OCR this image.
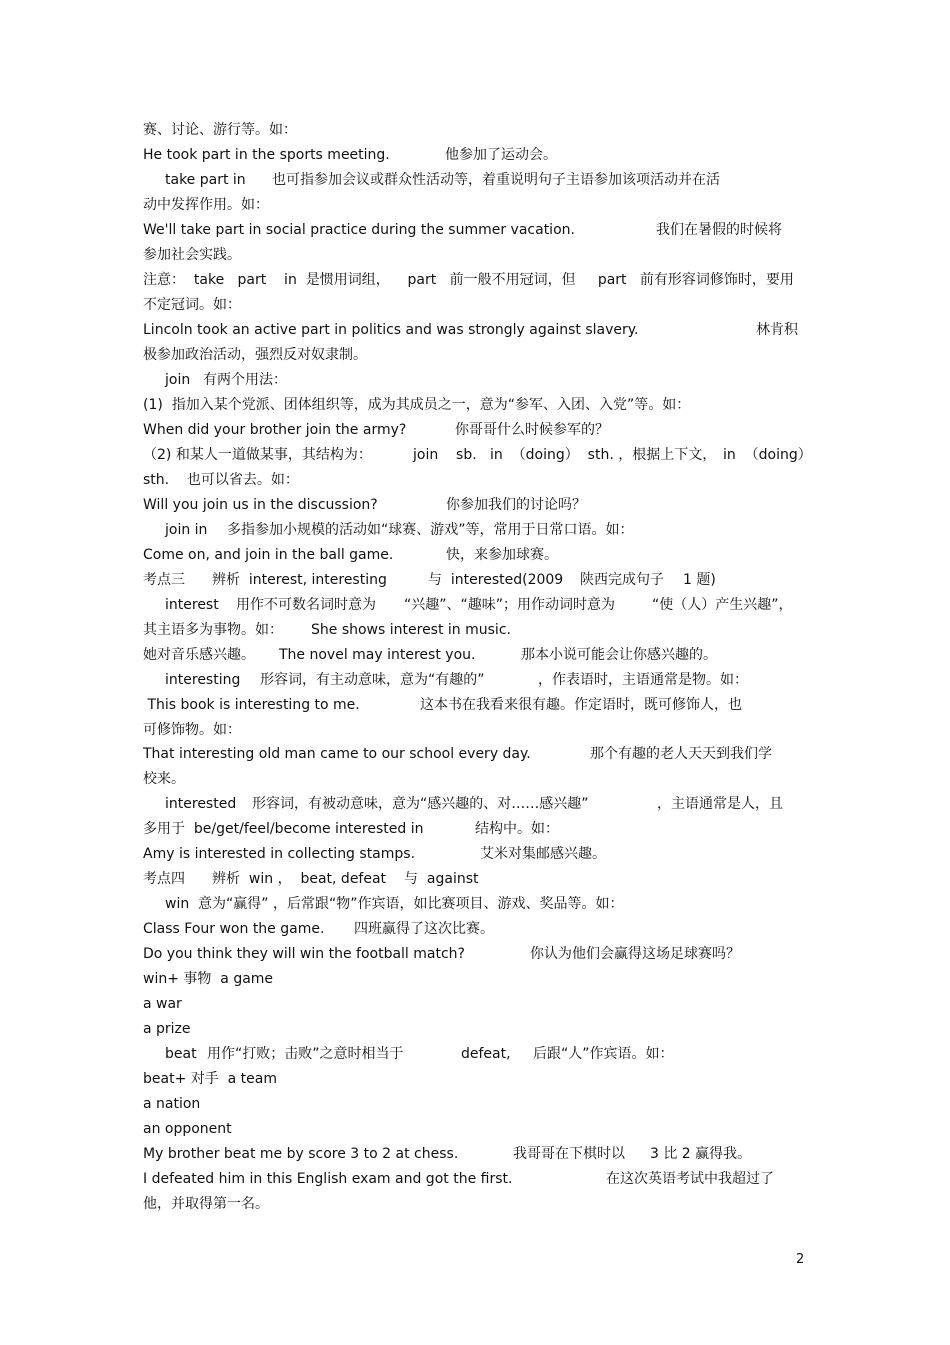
赛、讨论、游行等。如：
He took part in the sports meeting.	他参加了运动会。
take part in 也可指参加会议或群众性活动等，着重说明句子主语参加该项活动并在活
动中发挥作用。如：
We'll take part in social practice during the summer vacation.	我们在暑假的时候将
参加社会实践。
注意：  take   part    in  是惯用词组，    part   前一般不用冠词，但     part   前有形容词修饰时，要用
不定冠词。如：
Lincoln took an active part in politics and was strongly against slavery.	林肯积
极参加政治活动，强烈反对奴隶制。
join 有两个用法：
(1)  指加入某个党派、团体组织等，成为其成员之一，意为“参军、入团、入党”等。如：
When did your brother join the army?	你哥哥什么时候参军的？
（2) 和某人一道做某事，其结构为：	join    sb.   in  （doing）  sth. ，根据上下文， in  （doing）
sth.    也可以省去。如：
Will you join us in the discussion?	你参加我们的讨论吗？
join in 多指参加小规模的活动如“球赛、游戏”等，常用于日常口语。如：
Come on, and join in the ball game.	快，来参加球赛。
考点三 辨析  interest, interesting	与  interested(2009 陕西完成句子 1 题)
interest 用作不可数名词时意为 “兴趣”、“趣味”；用作动词时意为	“使（人）产生兴趣”，
其主语多为事物。如： She shows interest in music.
她对音乐感兴趣。 The novel may interest you.	那本小说可能会让你感兴趣的。
interesting 形容词，有主动意味，意为“有趣的”	，作表语时，主语通常是物。如：
This book is interesting to me.	这本书在我看来很有趣。作定语时，既可修饰人，也
可修饰物。如：
That interesting old man came to our school every day.	那个有趣的老人天天到我们学
校来。
interested 形容词，有被动意味，意为“感兴趣的、对……感兴趣”	，主语通常是人，且
多用于  be/get/feel/become interested in	结构中。如：
Amy is interested in collecting stamps.	艾米对集邮感兴趣。
考点四 辨析  win ，  beat, defeat 与  against
win 意为“赢得” ，后常跟“物”作宾语，如比赛项目、游戏、奖品等。如：
Class Four won the game. 四班赢得了这次比赛。
Do you think they will win the football match?	你认为他们会赢得这场足球赛吗？
win+ 事物  a game
a war
a prize
beat 用作“打败；击败”之意时相当于	defeat, 后跟“人”作宾语。如：
beat+ 对手  a team
a nation
an opponent
My brother beat me by score 3 to 2 at chess.	我哥哥在下棋时以 3 比 2 赢得我。
I defeated him in this English exam and got the first.	在这次英语考试中我超过了
他，并取得第一名。
2
